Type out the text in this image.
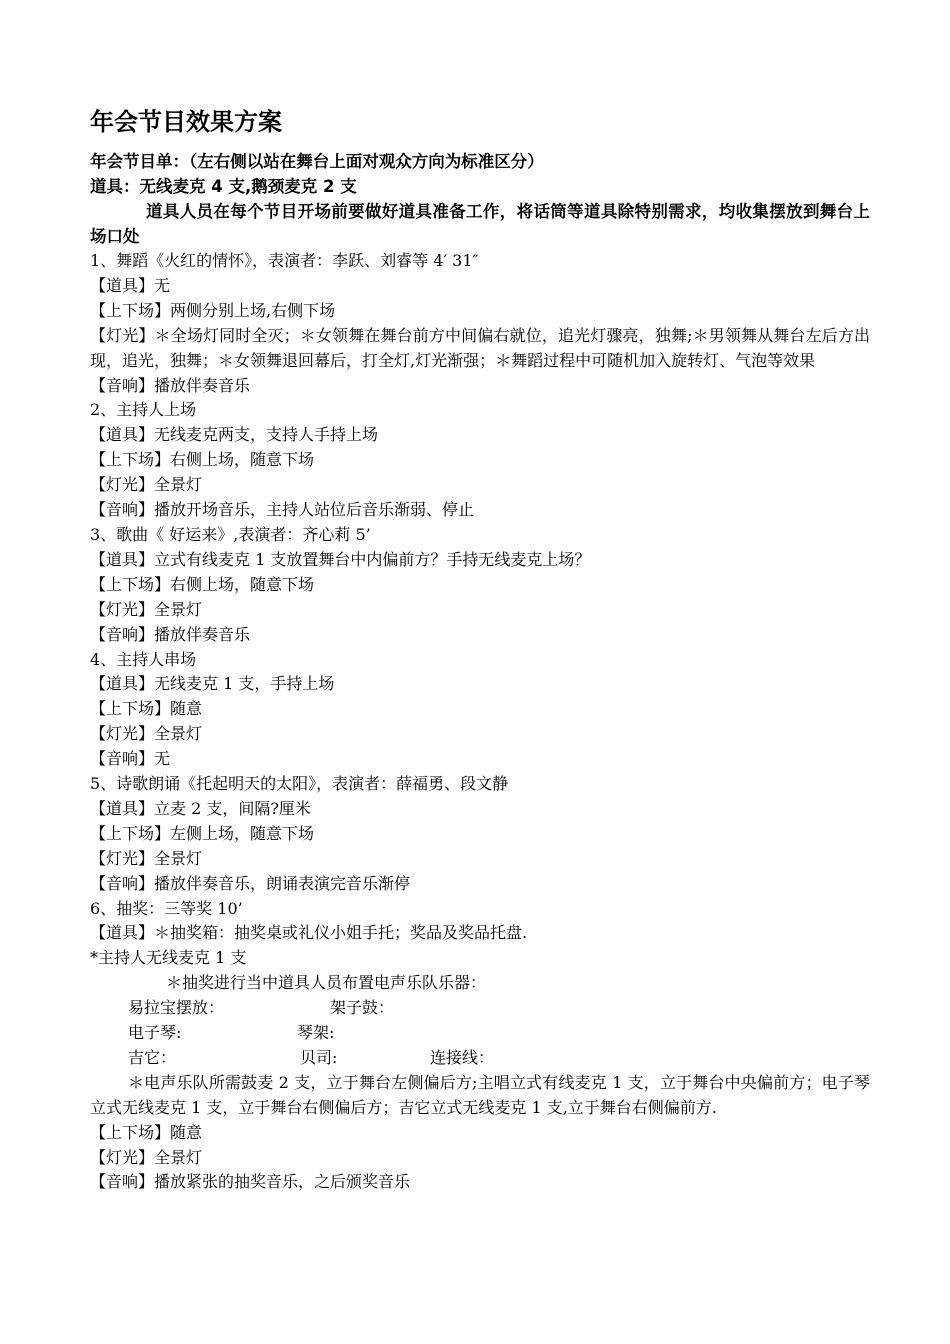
年会节目效果方案
年会节目单：（左右侧以站在舞台上面对观众方向为标准区分）
道具：无线麦克 4 支,鹅颈麦克 2 支
道具人员在每个节目开场前要做好道具准备工作，将话筒等道具除特别需求，均收集摆放到舞台上场口处
1、舞蹈《火红的情怀》，表演者：李跃、刘睿等 4′ 31″
【道具】无
【上下场】两侧分别上场,右侧下场
【灯光】＊全场灯同时全灭；＊女领舞在舞台前方中间偏右就位，追光灯骤亮，独舞;＊男领舞从舞台左后方出现，追光，独舞；＊女领舞退回幕后，打全灯,灯光渐强；＊舞蹈过程中可随机加入旋转灯、气泡等效果
【音响】播放伴奏音乐
2、主持人上场
【道具】无线麦克两支，支持人手持上场
【上下场】右侧上场，随意下场
【灯光】全景灯
【音响】播放开场音乐，主持人站位后音乐渐弱、停止
3、歌曲《 好运来》,表演者：齐心莉 5’
【道具】立式有线麦克 1 支放置舞台中内偏前方？手持无线麦克上场？
【上下场】右侧上场，随意下场
【灯光】全景灯
【音响】播放伴奏音乐
4、主持人串场
【道具】无线麦克 1 支，手持上场
【上下场】随意
【灯光】全景灯
【音响】无
5、诗歌朗诵《托起明天的太阳》，表演者：薛福勇、段文静
【道具】立麦 2 支，间隔?厘米
【上下场】左侧上场，随意下场
【灯光】全景灯
【音响】播放伴奏音乐，朗诵表演完音乐渐停
6、抽奖：三等奖 10’
【道具】＊抽奖箱：抽奖桌或礼仪小姐手托；奖品及奖品托盘.
*主持人无线麦克 1 支
＊抽奖进行当中道具人员布置电声乐队乐器：
易拉宝摆放：	架子鼓：
电子琴:	琴架:
吉它：	贝司:	连接线：
＊电声乐队所需鼓麦 2 支，立于舞台左侧偏后方;主唱立式有线麦克 1 支，立于舞台中央偏前方；电子琴立式无线麦克 1 支，立于舞台右侧偏后方；吉它立式无线麦克 1 支,立于舞台右侧偏前方.
【上下场】随意
【灯光】全景灯
【音响】播放紧张的抽奖音乐，之后颁奖音乐
